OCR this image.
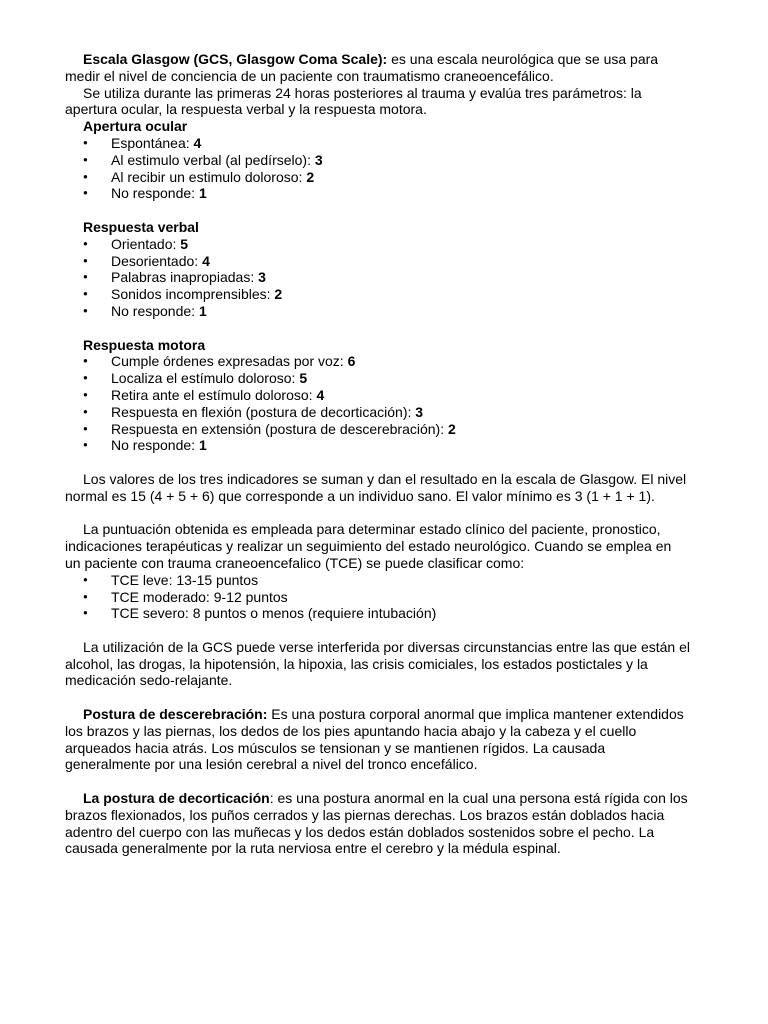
Escala Glasgow (GCS, Glasgow Coma Scale): es una escala neurológica que se usa para medir el nivel de conciencia de un paciente con traumatismo craneoencefálico.

Se utiliza durante las primeras 24 horas posteriores al trauma y evalúa tres parámetros: la apertura ocular, la respuesta verbal y la respuesta motora.

Apertura ocular

● Espontánea: 4
● Al estimulo verbal (al pedírselo): 3
● Al recibir un estimulo doloroso: 2
● No responde: 1

Respuesta verbal

● Orientado: 5
● Desorientado: 4
● Palabras inapropiadas: 3
● Sonidos incomprensibles: 2
● No responde: 1

Respuesta motora

● Cumple órdenes expresadas por voz: 6
● Localiza el estímulo doloroso: 5
● Retira ante el estímulo doloroso: 4
● Respuesta en flexión (postura de decorticación): 3
● Respuesta en extensión (postura de descerebración): 2
● No responde: 1

Los valores de los tres indicadores se suman y dan el resultado en la escala de Glasgow. El nivel normal es 15 (4 + 5 + 6) que corresponde a un individuo sano. El valor mínimo es 3 (1 + 1 + 1).

La puntuación obtenida es empleada para determinar estado clínico del paciente, pronostico, indicaciones terapéuticas y realizar un seguimiento del estado neurológico. Cuando se emplea en un paciente con trauma craneoencefalico (TCE) se puede clasificar como:

● TCE leve: 13-15 puntos
● TCE moderado: 9-12 puntos
● TCE severo: 8 puntos o menos (requiere intubación)

La utilización de la GCS puede verse interferida por diversas circunstancias entre las que están el alcohol, las drogas, la hipotensión, la hipoxia, las crisis comiciales, los estados postictales y la medicación sedo-relajante.

Postura de descerebración: Es una postura corporal anormal que implica mantener extendidos los brazos y las piernas, los dedos de los pies apuntando hacia abajo y la cabeza y el cuello arqueados hacia atrás. Los músculos se tensionan y se mantienen rígidos. La causada generalmente por una lesión cerebral a nivel del tronco encefálico.

La postura de decorticación: es una postura anormal en la cual una persona está rígida con los brazos flexionados, los puños cerrados y las piernas derechas. Los brazos están doblados hacia adentro del cuerpo con las muñecas y los dedos están doblados sostenidos sobre el pecho. La causada generalmente por la ruta nerviosa entre el cerebro y la médula espinal.
